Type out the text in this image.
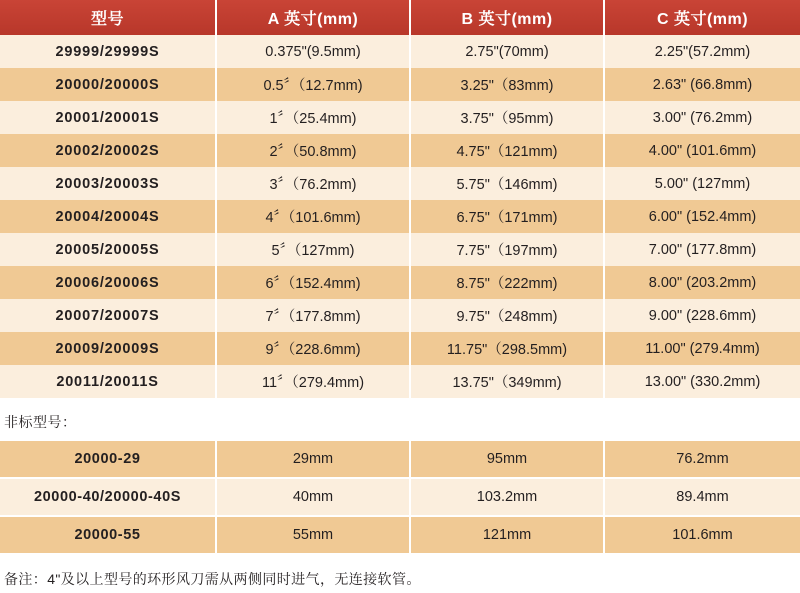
型号	A 英寸(mm)	B 英寸(mm)	C 英寸(mm)
29999/29999S	0.375"(9.5mm)	2.75"(70mm)	2.25"(57.2mm)
20000/20000S	0.5〞（12.7mm)	3.25"（83mm)	2.63" (66.8mm)
20001/20001S	1〞（25.4mm)	3.75"（95mm)	3.00" (76.2mm)
20002/20002S	2〞（50.8mm)	4.75"（121mm)	4.00" (101.6mm)
20003/20003S	3〞（76.2mm)	5.75"（146mm)	5.00" (127mm)
20004/20004S	4〞（101.6mm)	6.75"（171mm)	6.00" (152.4mm)
20005/20005S	5〞（127mm)	7.75"（197mm)	7.00" (177.8mm)
20006/20006S	6〞（152.4mm)	8.75"（222mm)	8.00" (203.2mm)
20007/20007S	7〞（177.8mm)	9.75"（248mm)	9.00" (228.6mm)
20009/20009S	9〞（228.6mm)	11.75"（298.5mm)	11.00" (279.4mm)
20011/20011S	11〞（279.4mm)	13.75"（349mm)	13.00" (330.2mm)
非标型号：
20000-29	29mm	95mm	76.2mm
20000-40/20000-40S	40mm	103.2mm	89.4mm
20000-55	55mm	121mm	101.6mm
备注：4"及以上型号的环形风刀需从两侧同时进气，无连接软管。
